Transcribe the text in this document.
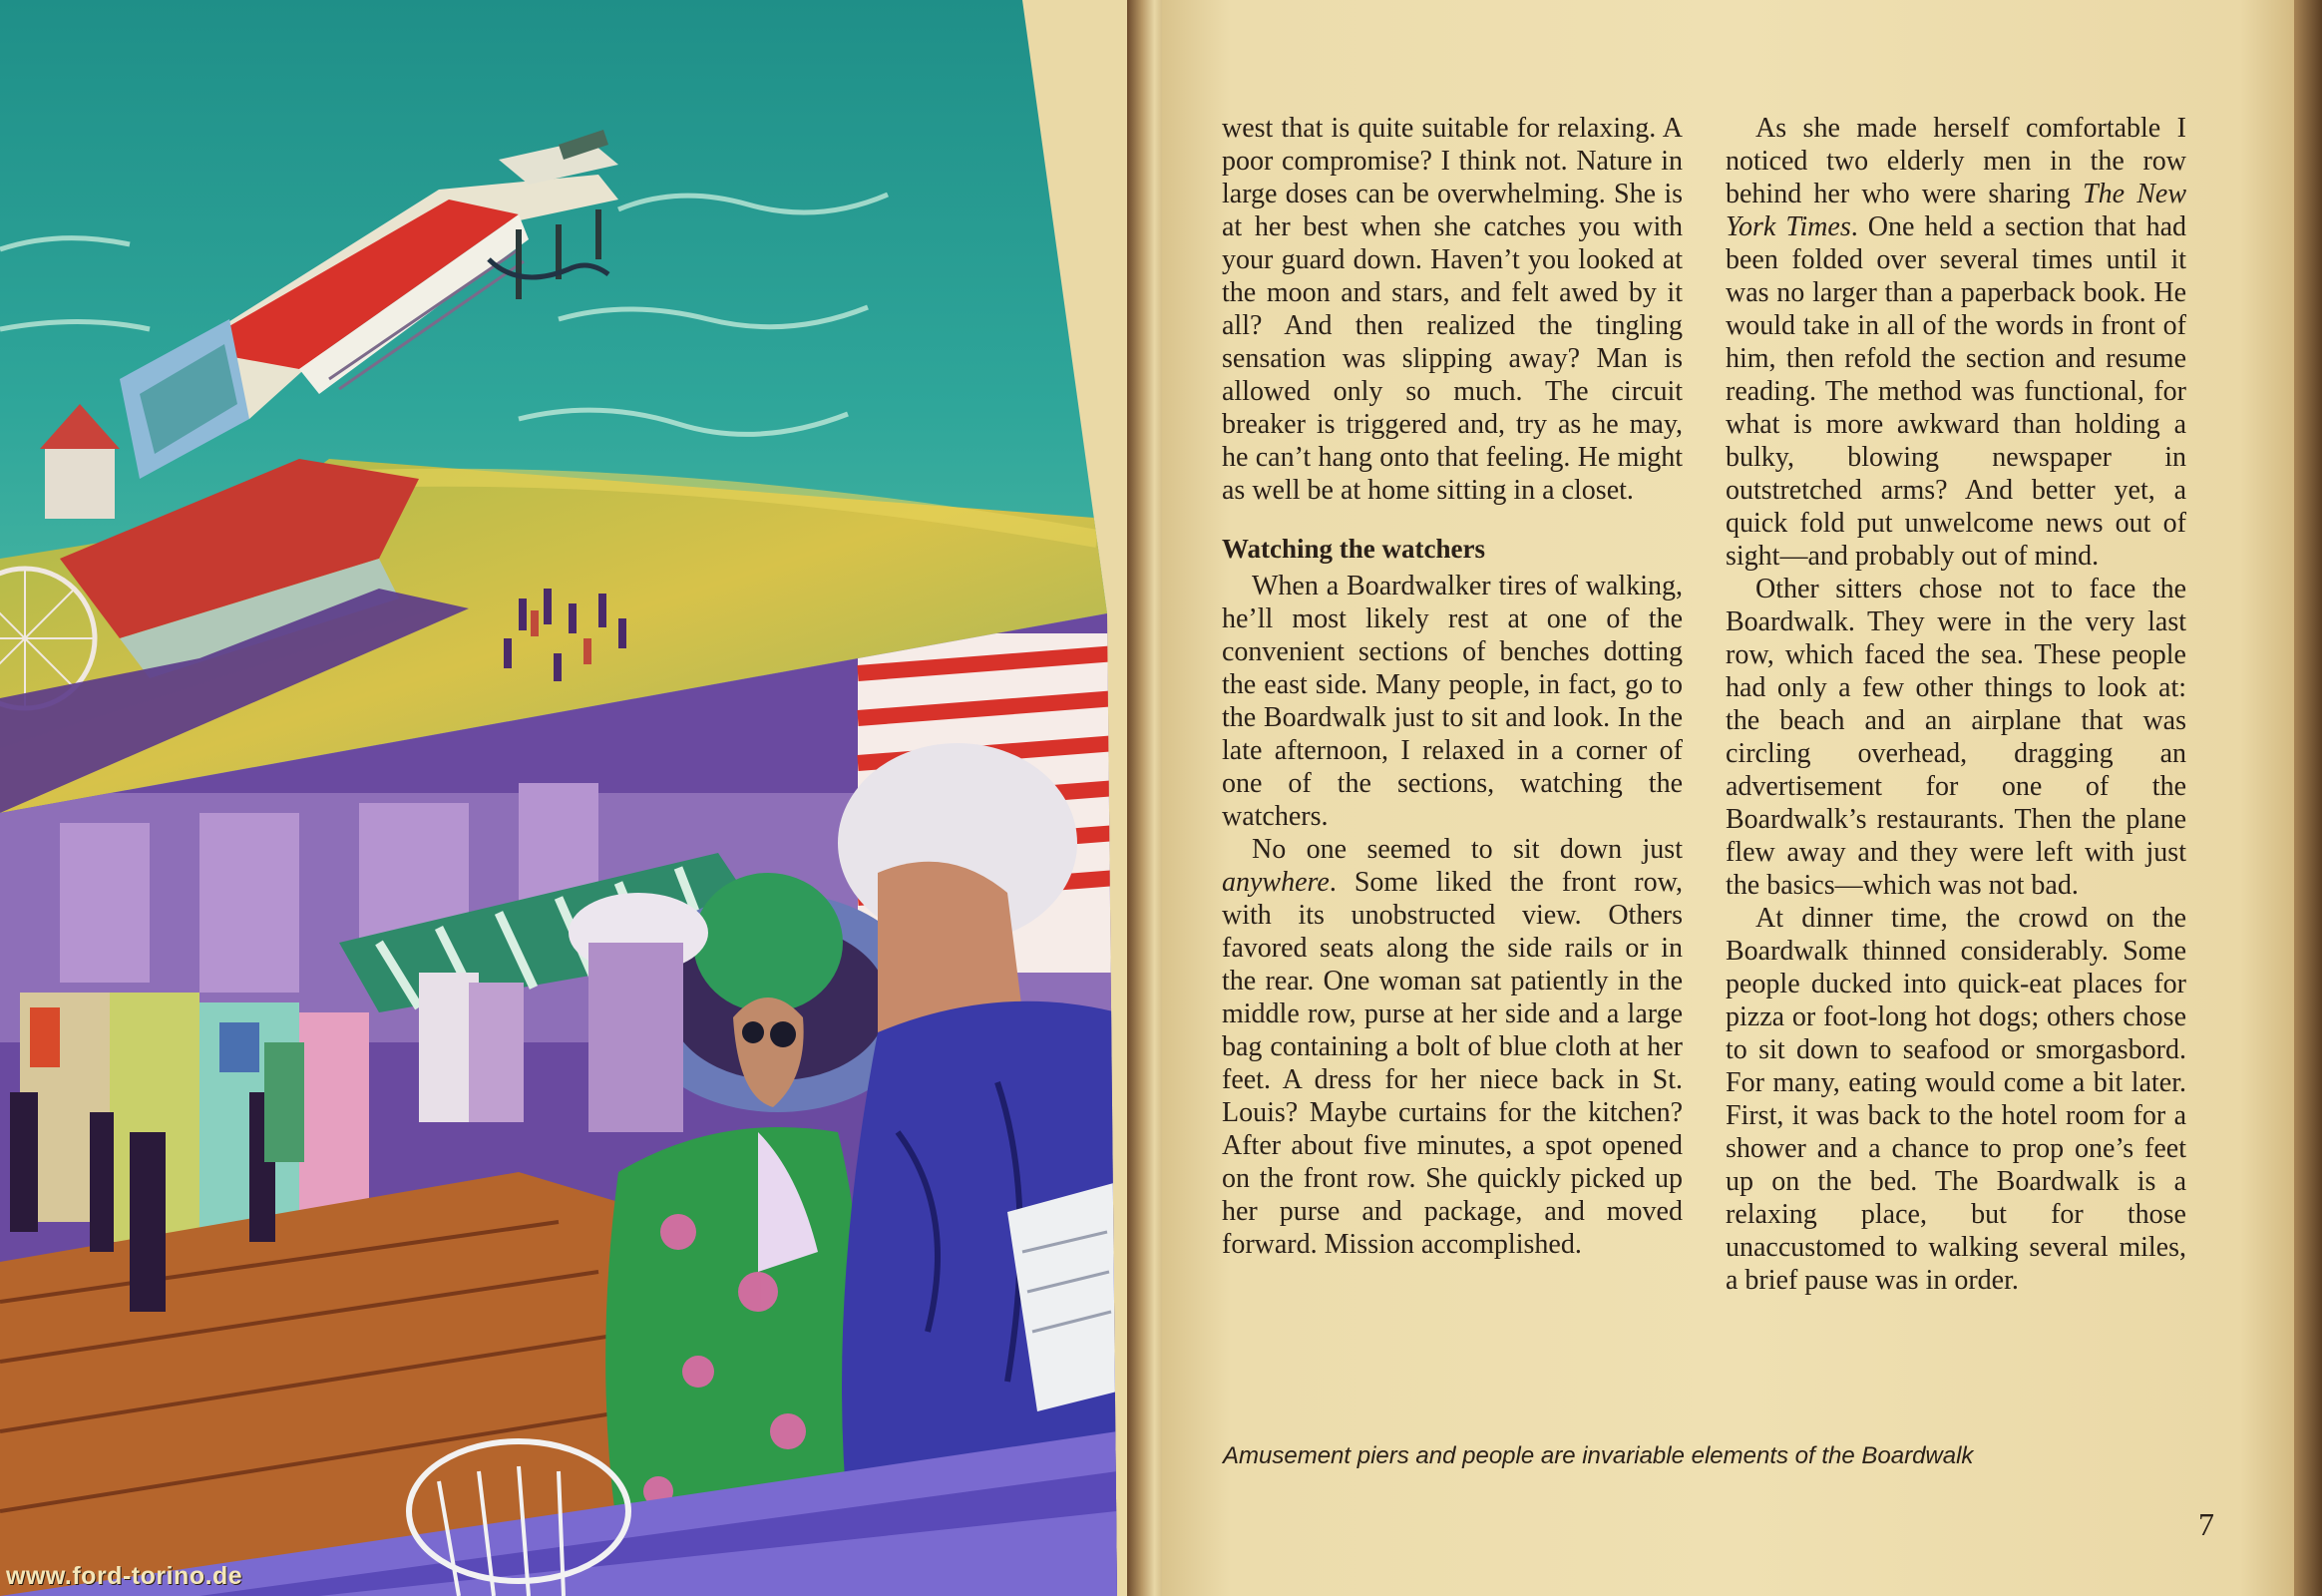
www.ford-torino.de

west that is quite suitable for relaxing. A poor compromise? I think not. Nature in large doses can be overwhelming. She is at her best when she catches you with your guard down. Haven’t you looked at the moon and stars, and felt awed by it all? And then realized the tingling sensation was slipping away? Man is allowed only so much. The circuit breaker is triggered and, try as he may, he can’t hang onto that feeling. He might as well be at home sitting in a closet.

Watching the watchers

When a Boardwalker tires of walking, he’ll most likely rest at one of the convenient sections of benches dotting the east side. Many people, in fact, go to the Boardwalk just to sit and look. In the late afternoon, I relaxed in a corner of one of the sections, watching the watchers.

No one seemed to sit down just anywhere. Some liked the front row, with its unobstructed view. Others favored seats along the side rails or in the rear. One woman sat patiently in the middle row, purse at her side and a large bag containing a bolt of blue cloth at her feet. A dress for her niece back in St. Louis? Maybe curtains for the kitchen? After about five minutes, a spot opened on the front row. She quickly picked up her purse and package, and moved forward. Mission accomplished.

As she made herself comfortable I noticed two elderly men in the row behind her who were sharing The New York Times. One held a section that had been folded over several times until it was no larger than a paperback book. He would take in all of the words in front of him, then refold the section and resume reading. The method was functional, for what is more awkward than holding a bulky, blowing newspaper in outstretched arms? And better yet, a quick fold put unwelcome news out of sight—and probably out of mind.

Other sitters chose not to face the Boardwalk. They were in the very last row, which faced the sea. These people had only a few other things to look at: the beach and an airplane that was circling overhead, dragging an advertisement for one of the Boardwalk’s restaurants. Then the plane flew away and they were left with just the basics—which was not bad.

At dinner time, the crowd on the Boardwalk thinned considerably. Some people ducked into quick-eat places for pizza or foot-long hot dogs; others chose to sit down to seafood or smorgasbord. For many, eating would come a bit later. First, it was back to the hotel room for a shower and a chance to prop one’s feet up on the bed. The Boardwalk is a relaxing place, but for those unaccustomed to walking several miles, a brief pause was in order.

Amusement piers and people are invariable elements of the Boardwalk
7
